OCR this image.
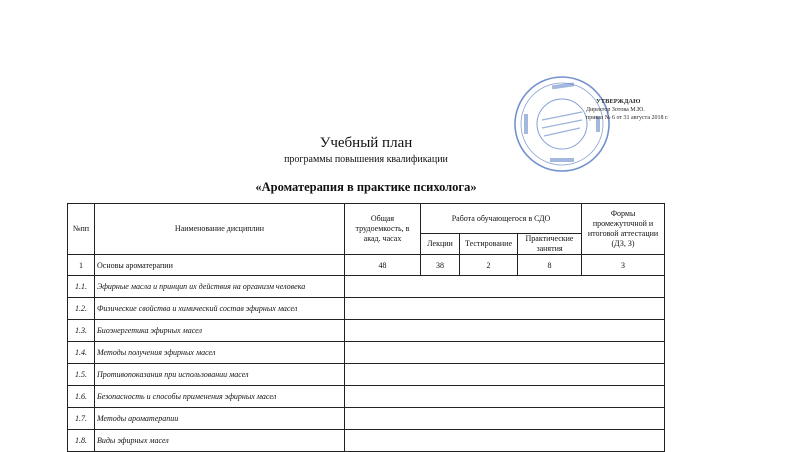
УТВЕРЖДАЮ
Директор Зотова М.Ю.
приказ № 6 от 31 августа 2018 г.
Учебный план
программы повышения квалификации
«Ароматерапия в практике психолога»
№пп	Наименование дисциплин	Общая трудоемкость, в акад. часах	Работа обучающегося в СДО			Формы промежуточной и итоговой аттестации (ДЗ, З)
			Лекции	Тестирование	Практические занятия	
1	Основы ароматерапии	48	38	2	8	З
1.1.	Эфирные масла и принцип их действия на организм человека					
1.2.	Физические свойства и химический состав эфирных масел					
1.3.	Биоэнергетика эфирных масел					
1.4.	Методы получения эфирных масел					
1.5.	Противопоказания при использовании масел					
1.6.	Безопасность и способы применения эфирных масел					
1.7.	Методы ароматерапии					
1.8.	Виды эфирных масел					
